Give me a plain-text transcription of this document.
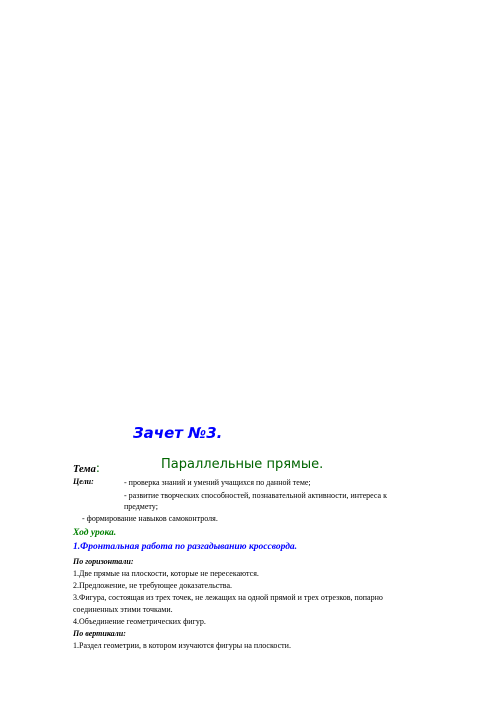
Зачет №3.
Тема:	Параллельные прямые.
Цели:	- проверка знаний и умений учащихся по данной теме;
- развитие творческих способностей, познавательной активности, интереса к
предмету;
- формирование навыков самоконтроля.
Ход урока.
1.Фронтальная работа по разгадыванию кроссворда.
По горизонтали:
1.Две прямые на плоскости, которые не пересекаются.
2.Предложение, не требующее доказательства.
3.Фигура, состоящая из трех точек, не лежащих на одной прямой и трех отрезков, попарно
соединенных этими точками.
4.Объединение геометрических фигур.
По вертикали:
1.Раздел геометрии, в котором изучаются фигуры на плоскости.
